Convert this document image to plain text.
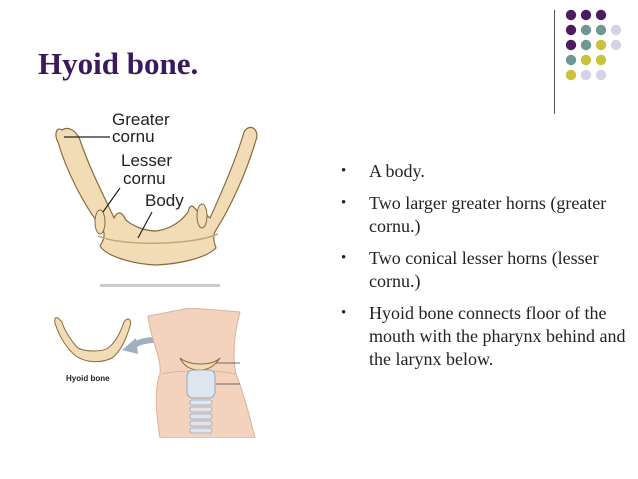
Hyoid bone.
Greater
cornu
Lesser
cornu
Body
Hyoid bone
• A body.
• Two larger greater horns (greater cornu.)
• Two conical lesser horns (lesser cornu.)
• Hyoid bone connects floor of the mouth with the pharynx behind and the larynx below.
